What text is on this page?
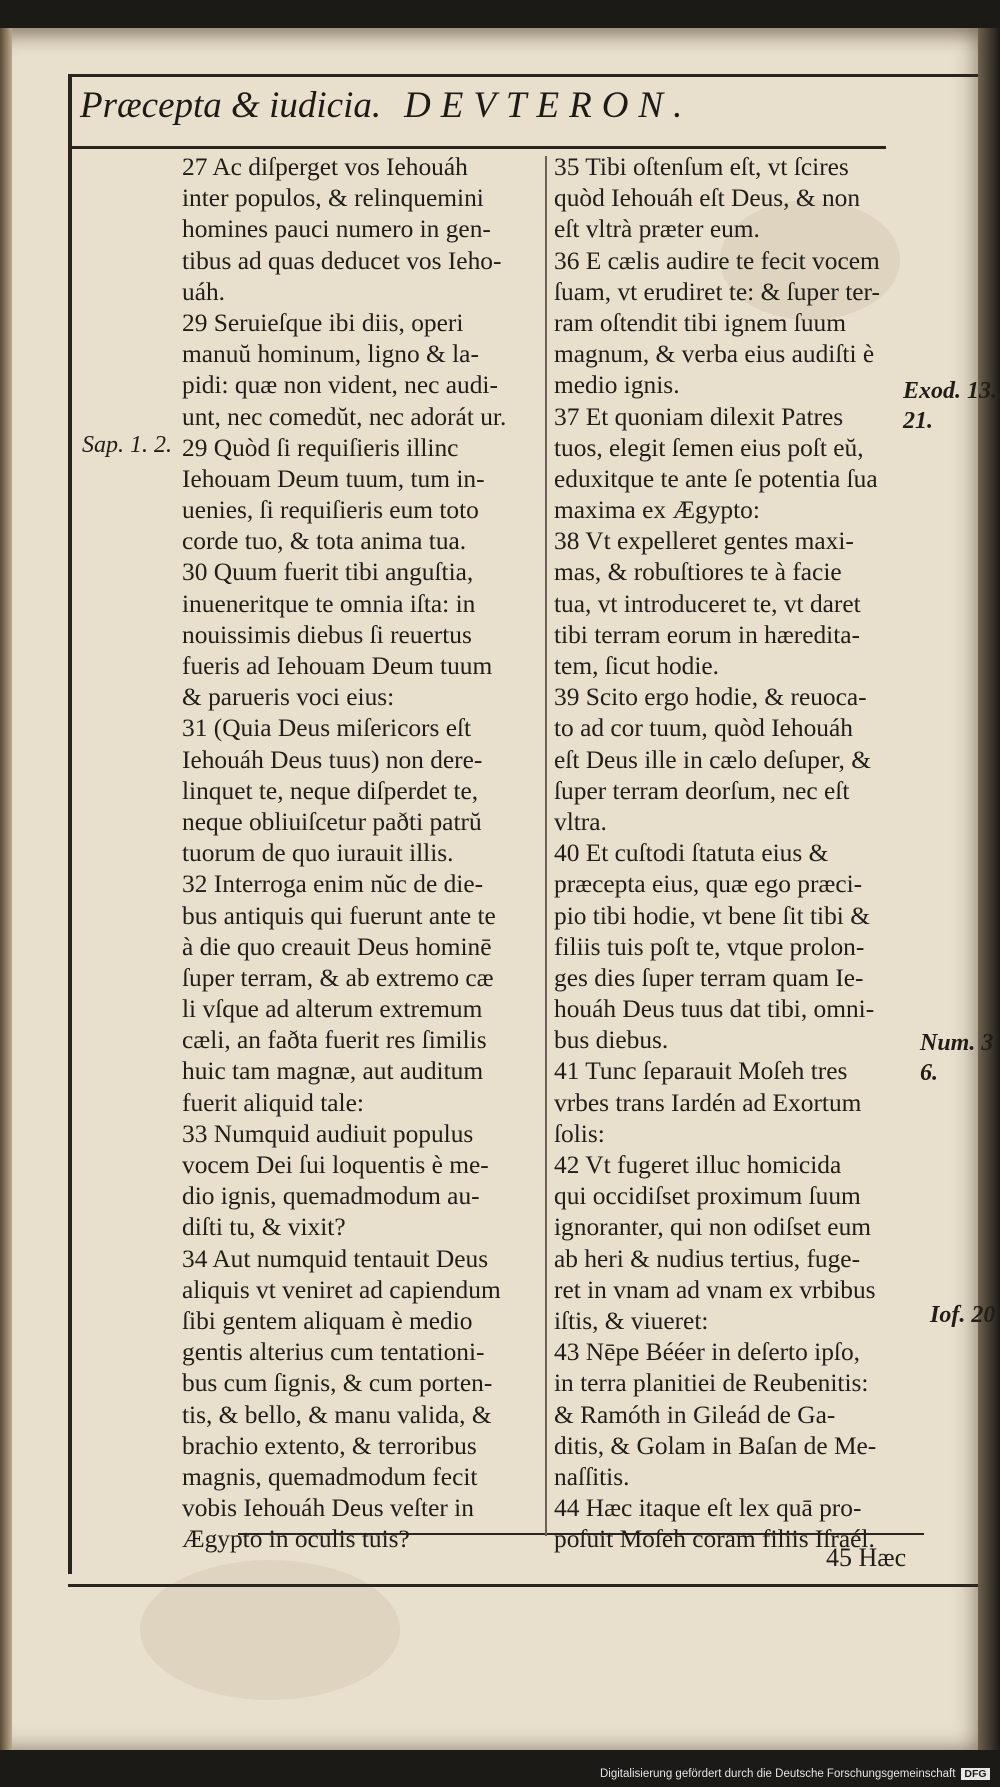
Præcepta & iudicia. DEVTERON.
27 Ac diſperget vos Iehouáh
inter populos, & relinquemini
homines pauci numero in gen-
tibus ad quas deducet vos Ieho-
uáh.
29 Seruieſque ibi diis, operi
manuŭ hominum, ligno & la-
pidi: quæ non vident, nec audi-
unt, nec comedŭt, nec adorát ur.
29 Quòd ſi requiſieris illinc
Iehouam Deum tuum, tum in-
uenies, ſi requiſieris eum toto
corde tuo, & tota anima tua.
30 Quum fuerit tibi anguſtia,
inueneritque te omnia iſta: in
nouissimis diebus ſi reuertus
fueris ad Iehouam Deum tuum
& parueris voci eius:
31 (Quia Deus miſericors eſt
Iehouáh Deus tuus) non dere-
linquet te, neque diſperdet te,
neque obliuiſcetur paðti patrŭ
tuorum de quo iurauit illis.
32 Interroga enim nŭc de die-
bus antiquis qui fuerunt ante te
à die quo creauit Deus hominē
ſuper terram, & ab extremo cæ
li vſque ad alterum extremum
cæli, an faðta fuerit res ſimilis
huic tam magnæ, aut auditum
fuerit aliquid tale:
33 Numquid audiuit populus
vocem Dei ſui loquentis è me-
dio ignis, quemadmodum au-
diſti tu, & vixit?
34 Aut numquid tentauit Deus
aliquis vt veniret ad capiendum
ſibi gentem aliquam è medio
gentis alterius cum tentationi-
bus cum ſignis, & cum porten-
tis, & bello, & manu valida, &
brachio extento, & terroribus
magnis, quemadmodum fecit
vobis Iehouáh Deus veſter in
Ægypto in oculis tuis?
35 Tibi oſtenſum eſt, vt ſcires
quòd Iehouáh eſt Deus, & non
eſt vltrà præter eum.
36 E cælis audire te fecit vocem
ſuam, vt erudiret te: & ſuper ter-
ram oſtendit tibi ignem ſuum
magnum, & verba eius audiſti è
medio ignis.
37 Et quoniam dilexit Patres
tuos, elegit ſemen eius poſt eŭ,
eduxitque te ante ſe potentia ſua
maxima ex Ægypto:
38 Vt expelleret gentes maxi-
mas, & robuſtiores te à facie
tua, vt introduceret te, vt daret
tibi terram eorum in hæredita-
tem, ſicut hodie.
39 Scito ergo hodie, & reuoca-
to ad cor tuum, quòd Iehouáh
eſt Deus ille in cælo deſuper, &
ſuper terram deorſum, nec eſt
vltra.
40 Et cuſtodi ſtatuta eius &
præcepta eius, quæ ego præci-
pio tibi hodie, vt bene ſit tibi &
filiis tuis poſt te, vtque prolon-
ges dies ſuper terram quam Ie-
houáh Deus tuus dat tibi, omni-
bus diebus.
41 Tunc ſeparauit Moſeh tres
vrbes trans Iardén ad Exortum
ſolis:
42 Vt fugeret illuc homicida
qui occidiſset proximum ſuum
ignoranter, qui non odiſset eum
ab heri & nudius tertius, fuge-
ret in vnam ad vnam ex vrbibus
iſtis, & viueret:
43 Nēpe Bééer in deſerto ipſo,
in terra planitiei de Reubenitis:
& Ramóth in Gileád de Ga-
ditis, & Golam in Baſan de Me-
naſſitis.
44 Hæc itaque eſt lex quā pro-
poſuit Moſeh coram filiis Iſraél.
Sap. 1. 2.
Exod. 13.
21.
Num. 3
6.
Iof. 20
45 Hæc
Digitalisierung gefördert durch die Deutsche Forschungsgemeinschaft DFG
